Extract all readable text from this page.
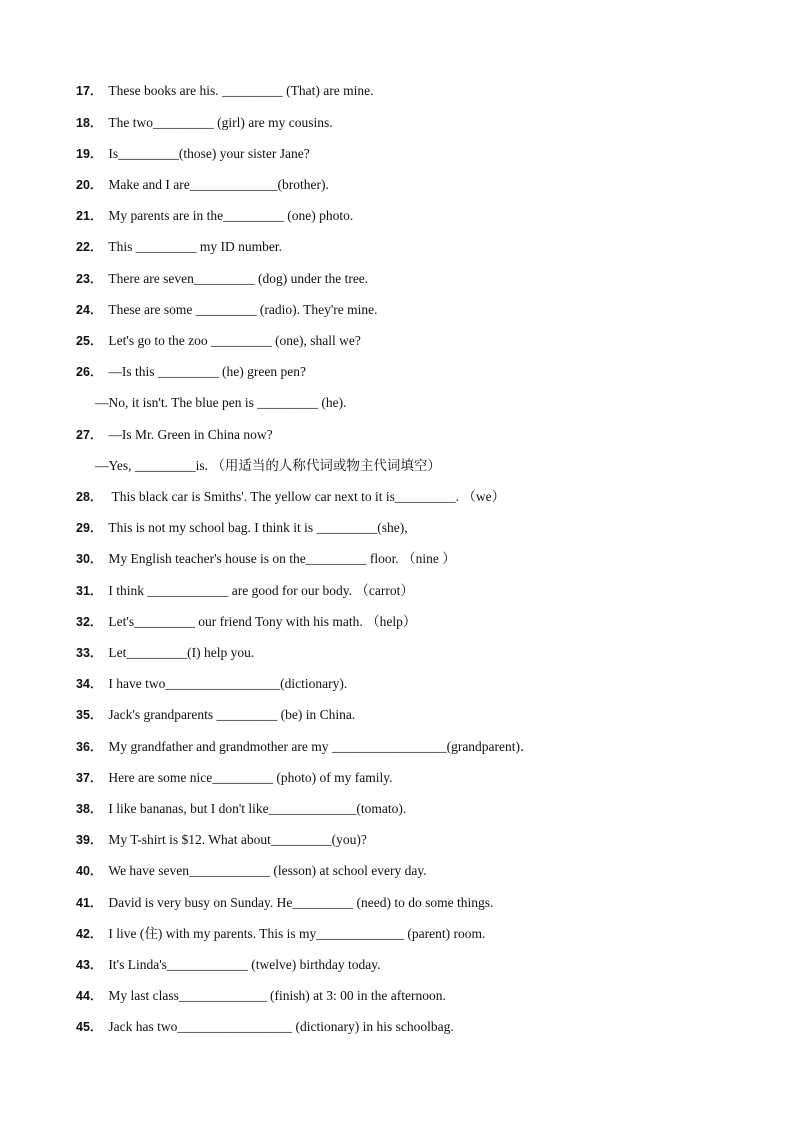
17． These books are his. _________ (That) are mine.
18． The two_________ (girl) are my cousins.
19． Is_________(those) your sister Jane?
20． Make and I are_____________(brother).
21． My parents are in the_________ (one) photo.
22． This _________ my ID number.
23． There are seven_________ (dog) under the tree.
24． These are some _________ (radio). They're mine.
25． Let's go to the zoo _________ (one), shall we?
26． —Is this _________ (he) green pen?
—No, it isn't. The blue pen is _________ (he).
27． —Is Mr. Green in China now?
—Yes, _________is. （用适当的人称代词或物主代词填空）
28． This black car is Smiths'. The yellow car next to it is_________. （we）
29． This is not my school bag. I think it is _________(she),
30． My English teacher's house is on the_________ floor. （nine ）
31． I think ____________ are good for our body. （carrot）
32． Let's_________ our friend Tony with his math. （help）
33． Let_________(I) help you.
34． I have two_________________(dictionary).
35． Jack's grandparents _________ (be) in China.
36． My grandfather and grandmother are my _________________(grandparent)．
37． Here are some nice_________ (photo) of my family.
38． I like bananas, but I don't like_____________(tomato).
39． My T-shirt is $12. What about_________(you)?
40． We have seven____________ (lesson) at school every day.
41． David is very busy on Sunday. He_________ (need) to do some things.
42． I live (住) with my parents. This is my_____________ (parent) room.
43． It's Linda's____________ (twelve) birthday today.
44． My last class_____________ (finish) at 3: 00 in the afternoon.
45． Jack has two_________________ (dictionary) in his schoolbag.
